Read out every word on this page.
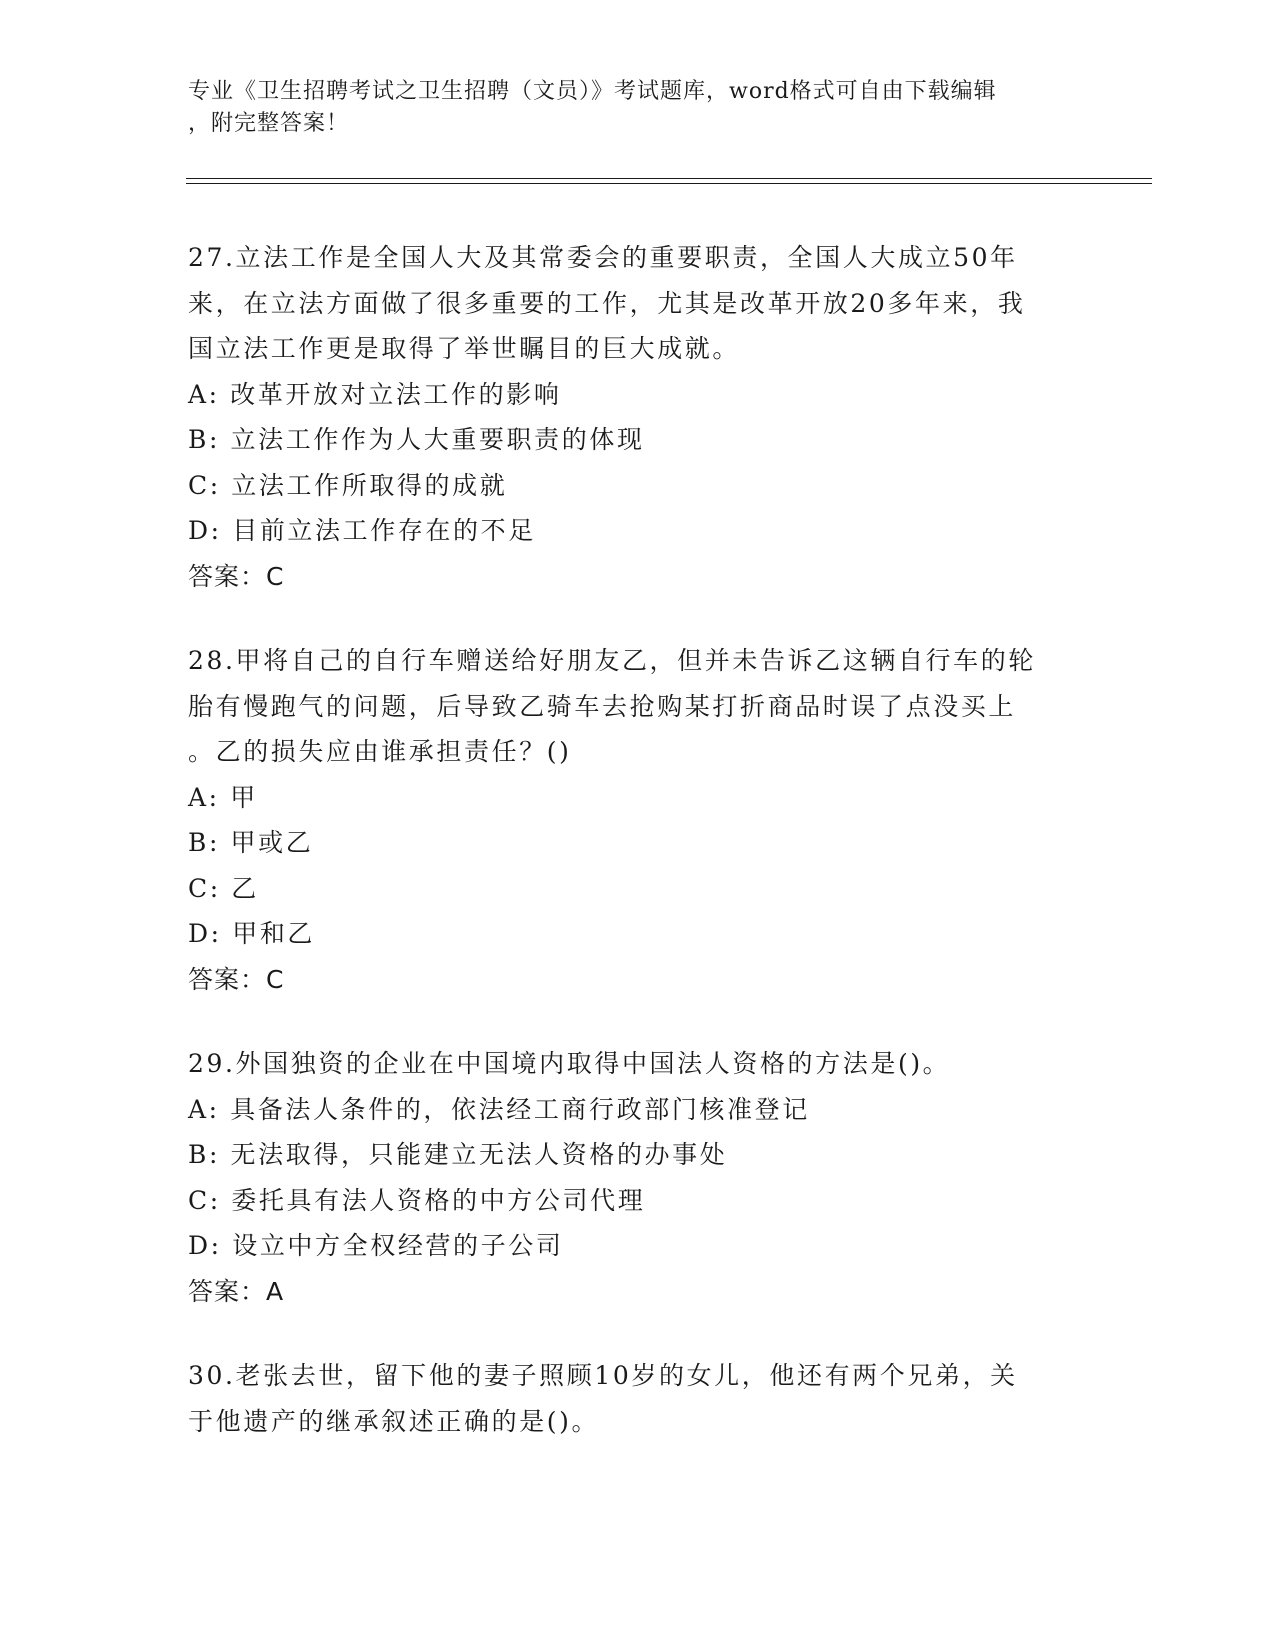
专业《卫生招聘考试之卫生招聘（文员）》考试题库，word格式可自由下载编辑
，附完整答案！
27.立法工作是全国人大及其常委会的重要职责，全国人大成立50年
来，在立法方面做了很多重要的工作，尤其是改革开放20多年来，我
国立法工作更是取得了举世瞩目的巨大成就。
A: 改革开放对立法工作的影响
B: 立法工作作为人大重要职责的体现
C: 立法工作所取得的成就
D: 目前立法工作存在的不足
答案：C
28.甲将自己的自行车赠送给好朋友乙，但并未告诉乙这辆自行车的轮
胎有慢跑气的问题，后导致乙骑车去抢购某打折商品时误了点没买上
。乙的损失应由谁承担责任？()
A: 甲
B: 甲或乙
C: 乙
D: 甲和乙
答案：C
29.外国独资的企业在中国境内取得中国法人资格的方法是()。
A: 具备法人条件的，依法经工商行政部门核准登记
B: 无法取得，只能建立无法人资格的办事处
C: 委托具有法人资格的中方公司代理
D: 设立中方全权经营的子公司
答案：A
30.老张去世，留下他的妻子照顾10岁的女儿，他还有两个兄弟，关
于他遗产的继承叙述正确的是()。
